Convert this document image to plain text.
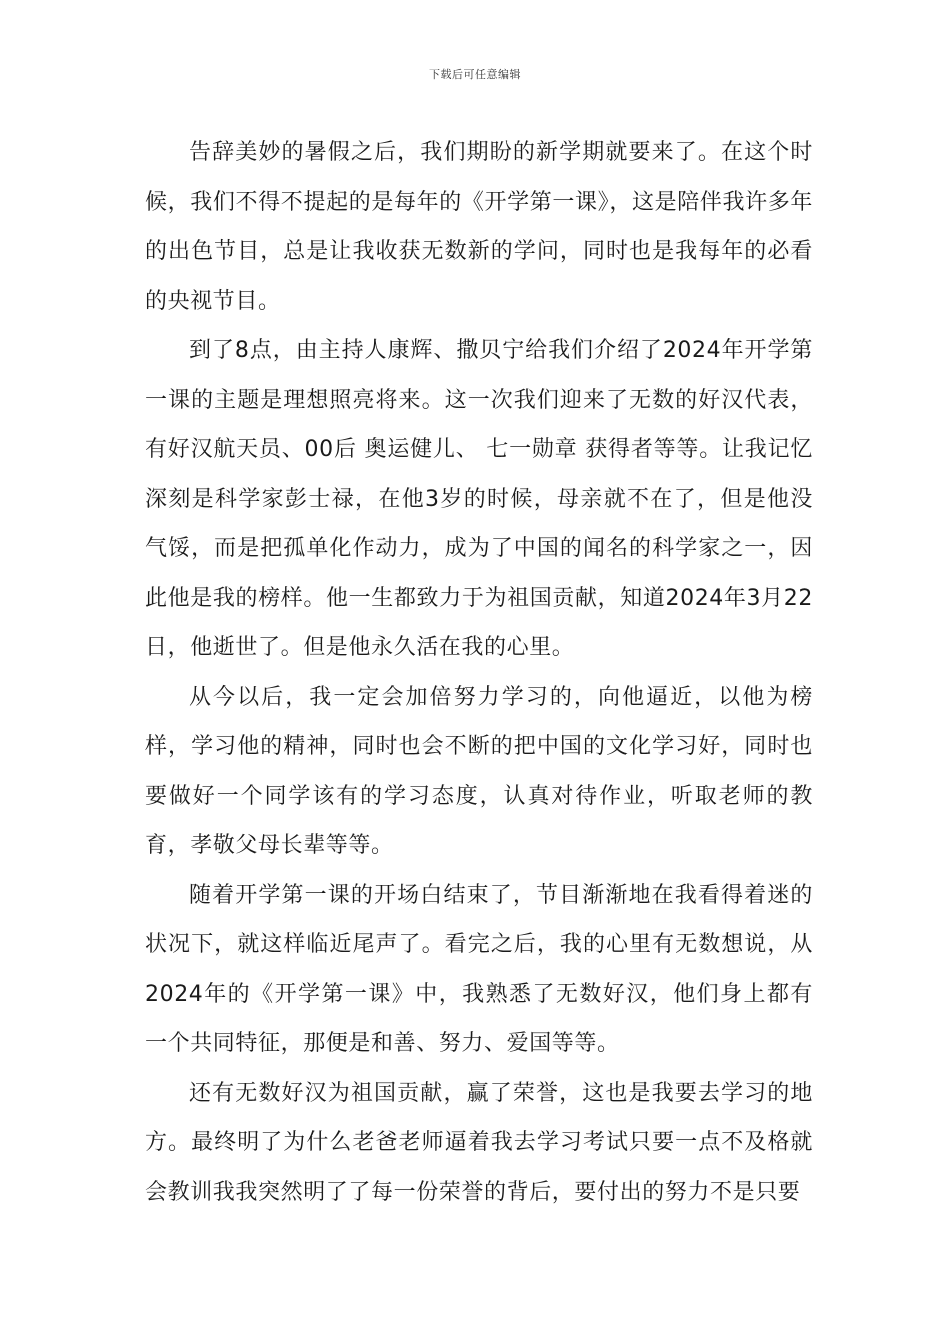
下载后可任意编辑

告辞美妙的暑假之后，我们期盼的新学期就要来了。在这个时候，我们不得不提起的是每年的《开学第一课》，这是陪伴我许多年的出色节目，总是让我收获无数新的学问，同时也是我每年的必看的央视节目。

到了8点，由主持人康辉、撒贝宁给我们介绍了2024年开学第一课的主题是理想照亮将来。这一次我们迎来了无数的好汉代表，有好汉航天员、00后 奥运健儿、 七一勋章 获得者等等。让我记忆深刻是科学家彭士禄，在他3岁的时候，母亲就不在了，但是他没气馁，而是把孤单化作动力，成为了中国的闻名的科学家之一，因此他是我的榜样。他一生都致力于为祖国贡献，知道2024年3月22日，他逝世了。但是他永久活在我的心里。

从今以后，我一定会加倍努力学习的，向他逼近，以他为榜样，学习他的精神，同时也会不断的把中国的文化学习好，同时也要做好一个同学该有的学习态度，认真对待作业，听取老师的教育，孝敬父母长辈等等。

随着开学第一课的开场白结束了，节目渐渐地在我看得着迷的状况下，就这样临近尾声了。看完之后，我的心里有无数想说，从2024年的《开学第一课》中，我熟悉了无数好汉，他们身上都有一个共同特征，那便是和善、努力、爱国等等。

还有无数好汉为祖国贡献，赢了荣誉，这也是我要去学习的地方。最终明了为什么老爸老师逼着我去学习考试只要一点不及格就会教训我我突然明了了每一份荣誉的背后，要付出的努力不是只要
